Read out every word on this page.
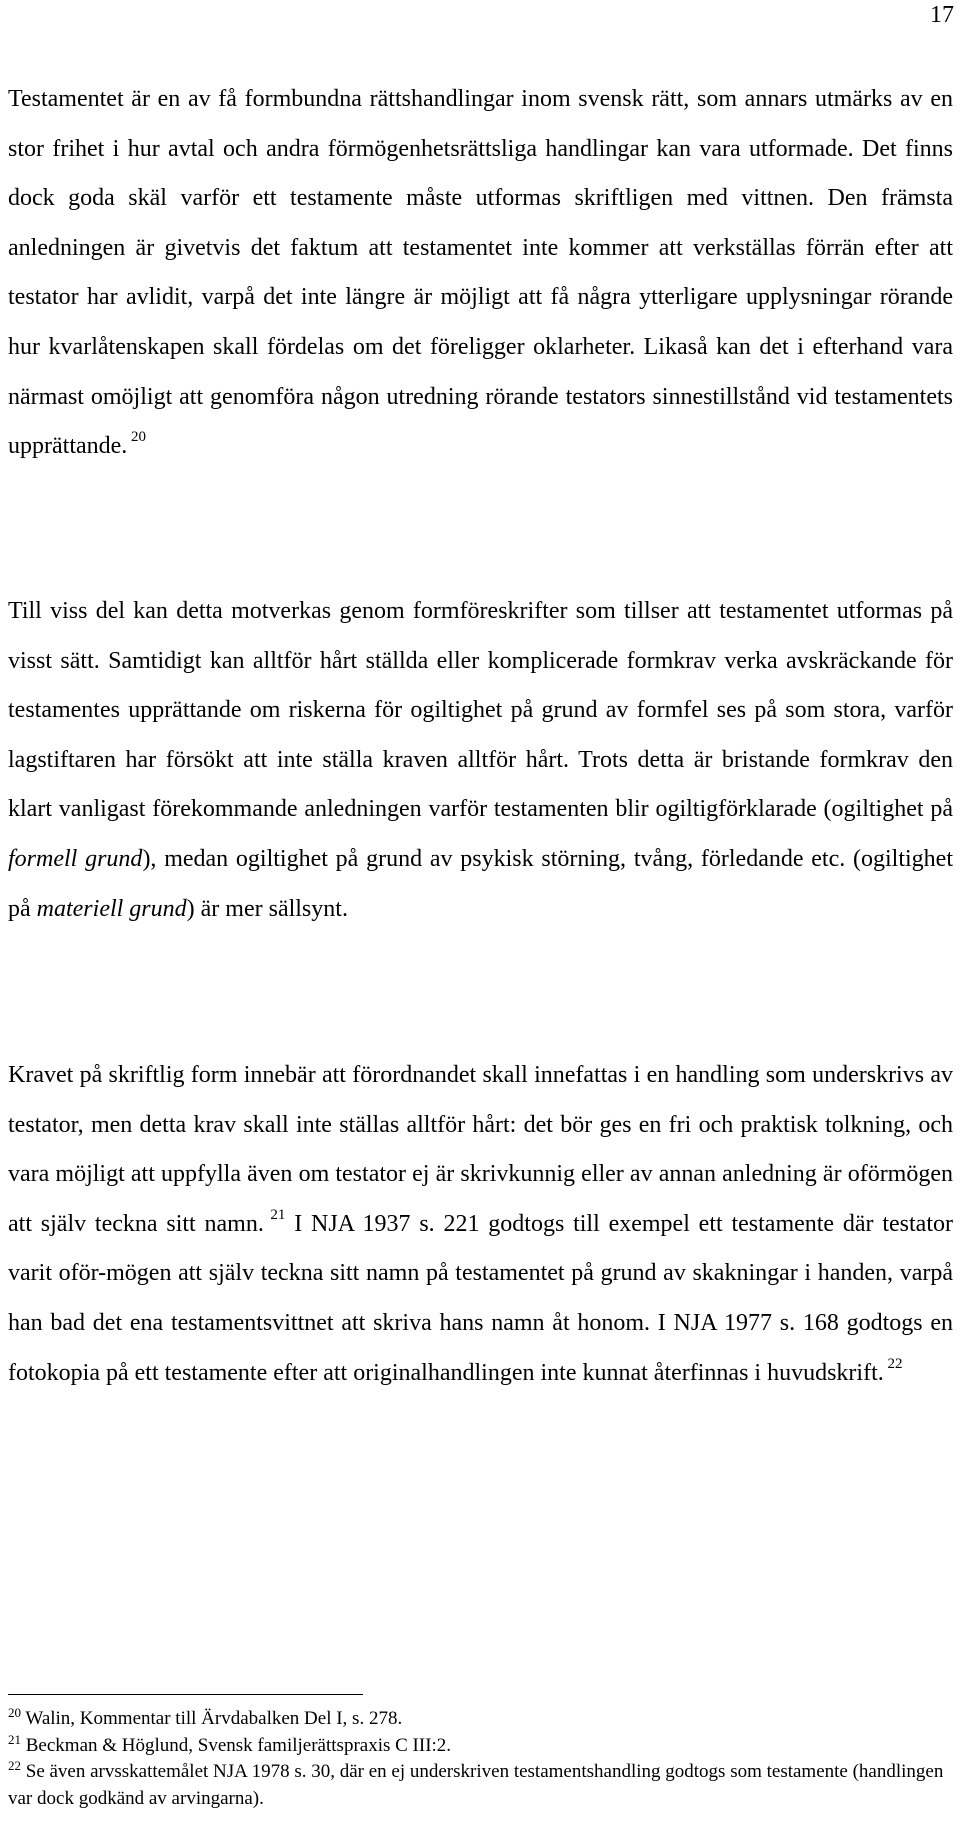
17
Testamentet är en av få formbundna rättshandlingar inom svensk rätt, som annars utmärks av en stor frihet i hur avtal och andra förmögenhetsrättsliga handlingar kan vara utformade. Det finns dock goda skäl varför ett testamente måste utformas skriftligen med vittnen. Den främsta anledningen är givetvis det faktum att testamentet inte kommer att verkställas förrän efter att testator har avlidit, varpå det inte längre är möjligt att få några ytterligare upplysningar rörande hur kvarlåtenskapen skall fördelas om det föreligger oklarheter. Likaså kan det i efterhand vara närmast omöjligt att genomföra någon utredning rörande testators sinnestillstånd vid testamentets upprättande. $^{20}$
Till viss del kan detta motverkas genom formföreskrifter som tillser att testamentet utformas på visst sätt. Samtidigt kan alltför hårt ställda eller komplicerade formkrav verka avskräckande för testamentes upprättande om riskerna för ogiltighet på grund av formfel ses på som stora, varför lagstiftaren har försökt att inte ställa kraven alltför hårt. Trots detta är bristande formkrav den klart vanligast förekommande anledningen varför testamenten blir ogiltigförklarade (ogiltighet på formell grund), medan ogiltighet på grund av psykisk störning, tvång, förledande etc. (ogiltighet på materiell grund) är mer sällsynt.
Kravet på skriftlig form innebär att förordnandet skall innefattas i en handling som underskrivs av testator, men detta krav skall inte ställas alltför hårt: det bör ges en fri och praktisk tolkning, och vara möjligt att uppfylla även om testator ej är skrivkunnig eller av annan anledning är oförmögen att själv teckna sitt namn. $^{21}$ I NJA 1937 s. 221 godtogs till exempel ett testamente där testator varit oför-mögen att själv teckna sitt namn på testamentet på grund av skakningar i handen, varpå han bad det ena testamentsvittnet att skriva hans namn åt honom. I NJA 1977 s. 168 godtogs en fotokopia på ett testamente efter att originalhandlingen inte kunnat återfinnas i huvudskrift. $^{22}$
$^{20}$ Walin, Kommentar till Ärvdabalken Del I, s. 278.
$^{21}$ Beckman & Höglund, Svensk familjerättspraxis C III:2.
$^{22}$ Se även arvsskattemålet NJA 1978 s. 30, där en ej underskriven testamentshandling godtogs som testamente (handlingen var dock godkänd av arvingarna).
